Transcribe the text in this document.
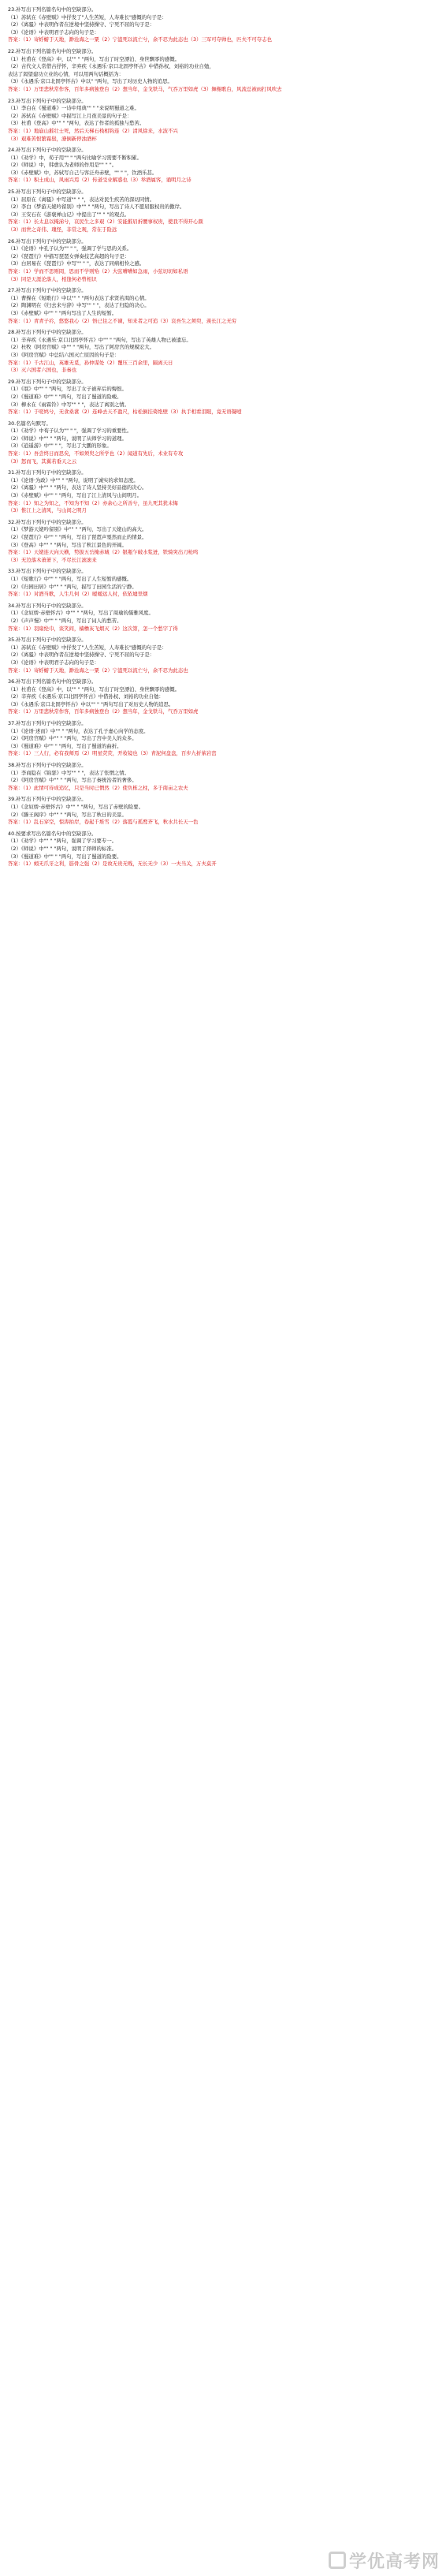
23.补写出下列名篇名句中的空缺部分。
（1）苏轼在《赤壁赋》中抒发了"人生苦短，人寿难长"感慨的句子是：
（2）《离骚》中表明作者在逆境中坚持操守、宁死不屈的句子是：
（3）《论语》中表明君子志向的句子是：
答案：（1）寄蜉蝣于天地，渺沧海之一粟（2）宁溘死以流亡兮，余不忍为此态也（3）三军可夺帅也，匹夫不可夺志也
22.补写出下列名篇名句中的空缺部分。
（1）杜甫在《登高》中，以"" " "两句，写出了时空漂泊、身世飘零的感慨。
（2）古代文人常借古抒怀，辛弃疾《永遇乐·京口北固亭怀古》中借孙权、刘裕的功业自勉，
表达了渴望建功立业的心情，可以用两句话概括为：
（3）《永遇乐·京口北固亭怀古》中以" "两句，写出了对历史人物的追思。
答案：（1）万里悲秋常作客，百年多病独登台（2）想当年，金戈铁马，气吞万里如虎（3）舞榭歌台，风流总被雨打风吹去
23.补写出下列句子中的空缺部分。
（1）李白在《蜀道难》一诗中用典"" " "来说明蜀道之难。
（2）苏轼在《赤壁赋》中描写江上月夜美景的句子是：
（3）杜甫《登高》中"" " "两句，表达了作者的孤独与愁苦。
答案：（1）地崩山摧壮士死，然后天梯石栈相钩连（2）清风徐来，水波不兴
（3）艰难苦恨繁霜鬓，潦倒新停浊酒杯
24.补写出下列句子中的空缺部分。
（1）《劝学》中，荀子用"" " "两句比喻学习需要不断积累。
（2）《师说》中，韩愈认为老师的作用是"" " "。
（3）《赤壁赋》中，苏轼写自己与客泛舟赤壁，"" " "，饮酒乐甚。
答案：（1）积土成山，风雨兴焉（2）传道受业解惑也（3）举酒属客，诵明月之诗
25.补写出下列句子中的空缺部分。
（1）屈原在《离骚》中写道"" " "，表达对民生疾苦的深切同情。
（2）李白《梦游天姥吟留别》中"" " "两句，写出了诗人不愿屈服权贵的傲岸。
（3）王安石在《游褒禅山记》中提出了"" " "的观点。
答案：（1）长太息以掩涕兮，哀民生之多艰（2）安能摧眉折腰事权贵，使我不得开心颜
（3）而世之奇伟、瑰怪，非常之观，常在于险远
26.补写出下列句子中的空缺部分。
（1）《论语》中孔子认为"" " "，强调了学与思的关系。
（2）《琵琶行》中描写琵琶女弹奏技艺高超的句子是：
（3）白居易在《琵琶行》中写"" " "，表达了同病相怜之感。
答案：（1）学而不思则罔，思而不学则殆（2）大弦嘈嘈如急雨，小弦切切如私语
（3）同是天涯沦落人，相逢何必曾相识
27.补写出下列句子中的空缺部分。
（1）曹操在《短歌行》中以"" " "两句表达了求贤若渴的心情。
（2）陶渊明在《归去来兮辞》中写"" " "，表达了归隐的决心。
（3）《赤壁赋》中"" " "两句写出了人生的短暂。
答案：（1）青青子衿，悠悠我心（2）悟已往之不谏，知来者之可追（3）哀吾生之须臾，羡长江之无穷
28.补写出下列句子中的空缺部分。
（1）辛弃疾《永遇乐·京口北固亭怀古》中"" " "两句，写出了英雄人物已被遗忘。
（2）杜牧《阿房宫赋》中"" " "两句，写出了阿房宫的规模宏大。
（3）《阿房宫赋》中总结六国灭亡原因的句子是：
答案：（1）千古江山，英雄无觅，孙仲谋处（2）覆压三百余里，隔离天日
（3）灭六国者六国也，非秦也
29.补写出下列句子中的空缺部分。
（1）《氓》中"" " "两句，写出了女子被弃后的悔恨。
（2）《蜀道难》中"" " "两句，写出了蜀道的险峻。
（3）柳永在《雨霖铃》中写"" " "，表达了离别之情。
答案：（1）于嗟鸠兮，无食桑葚（2）连峰去天不盈尺，枯松倒挂倚绝壁（3）执手相看泪眼，竟无语凝噎
30.名篇名句默写。
（1）《劝学》中荀子认为"" " "，强调了学习的重要性。
（2）《师说》中"" " "两句，说明了从师学习的道理。
（3）《逍遥游》中"" " "，写出了大鹏的形象。
答案：（1）吾尝终日而思矣，不如须臾之所学也（2）闻道有先后，术业有专攻
（3）怒而飞，其翼若垂天之云
31.补写出下列句子中的空缺部分。
（1）《论语·为政》中"" " "两句，说明了诚实的求知态度。
（2）《离骚》中"" " "两句，表达了诗人坚持美好品德的决心。
（3）《赤壁赋》中"" " "两句，写出了江上清风与山间明月。
答案：（1）知之为知之，不知为不知（2）亦余心之所善兮，虽九死其犹未悔
（3）惟江上之清风，与山间之明月
32.补写出下列句子中的空缺部分。
（1）《梦游天姥吟留别》中"" " "两句，写出了天姥山的高大。
（2）《琵琶行》中"" " "两句，写出了琵琶声戛然而止的情景。
（3）《登高》中"" " "两句，写出了秋江景色的开阔。
答案：（1）天姥连天向天横，势拔五岳掩赤城（2）银瓶乍破水浆迸，铁骑突出刀枪鸣
（3）无边落木萧萧下，不尽长江滚滚来
33.补写出下列句子中的空缺部分。
（1）《短歌行》中"" " "两句，写出了人生短暂的感慨。
（2）《归园田居》中"" " "两句，描写了田园生活的宁静。
答案：（1）对酒当歌，人生几何（2）暧暧远人村，依依墟里烟
34.补写出下列句子中的空缺部分。
（1）《念奴娇·赤壁怀古》中"" " "两句，写出了周瑜的儒雅风度。
（2）《声声慢》中"" " "两句，写出了词人的愁苦。
答案：（1）羽扇纶巾，谈笑间，樯橹灰飞烟灭（2）这次第，怎一个愁字了得
35.补写出下列句子中的空缺部分。
（1）苏轼在《赤壁赋》中抒发了"人生苦短，人寿难长"感慨的句子是：
（2）《离骚》中表明作者在逆境中坚持操守、宁死不屈的句子是：
（3）《论语》中表明君子志向的句子是：
答案：（1）寄蜉蝣于天地，渺沧海之一粟（2）宁溘死以流亡兮，余不忍为此态也
36.补写出下列名篇名句中的空缺部分。
（1）杜甫在《登高》中，以"" " "两句，写出了时空漂泊、身世飘零的感慨。
（2）辛弃疾《永遇乐·京口北固亭怀古》中借孙权、刘裕的功业自勉：
（3）《永遇乐·京口北固亭怀古》中以"" " "两句写出了对历史人物的追思。
答案：（1）万里悲秋常作客，百年多病独登台（2）想当年，金戈铁马，气吞万里如虎
37.补写出下列句子中的空缺部分。
（1）《论语·述而》中"" " "两句，表达了孔子虚心向学的态度。
（2）《阿房宫赋》中"" " "两句，写出了宫中美人的众多。
（3）《蜀道难》中"" " "两句，写出了蜀道的曲折。
答案：（1）三人行，必有我师焉（2）明星荧荧，开妆镜也（3）青泥何盘盘，百步九折萦岩峦
38.补写出下列句子中的空缺部分。
（1）李商隐在《锦瑟》中写"" " "，表达了怅惘之情。
（2）《阿房宫赋》中"" " "两句，写出了秦统治者的奢侈。
答案：（1）此情可待成追忆，只是当时已惘然（2）使负栋之柱，多于南亩之农夫
39.补写出下列句子中的空缺部分。
（1）《念奴娇·赤壁怀古》中"" " "两句，写出了赤壁的险要。
（2）《滕王阁序》中"" " "两句，写出了秋日的美景。
答案：（1）乱石穿空，惊涛拍岸，卷起千堆雪（2）落霞与孤鹜齐飞，秋水共长天一色
40.按要求写出名篇名句中的空缺部分。
（1）《劝学》中"" " "两句，强调了学习要专一。
（2）《师说》中"" " "两句，说明了择师的标准。
（3）《蜀道难》中"" " "两句，写出了蜀道的险要。
答案：（1）蚓无爪牙之利，筋骨之强（2）是故无贵无贱，无长无少（3）一夫当关，万夫莫开
学优高考网
